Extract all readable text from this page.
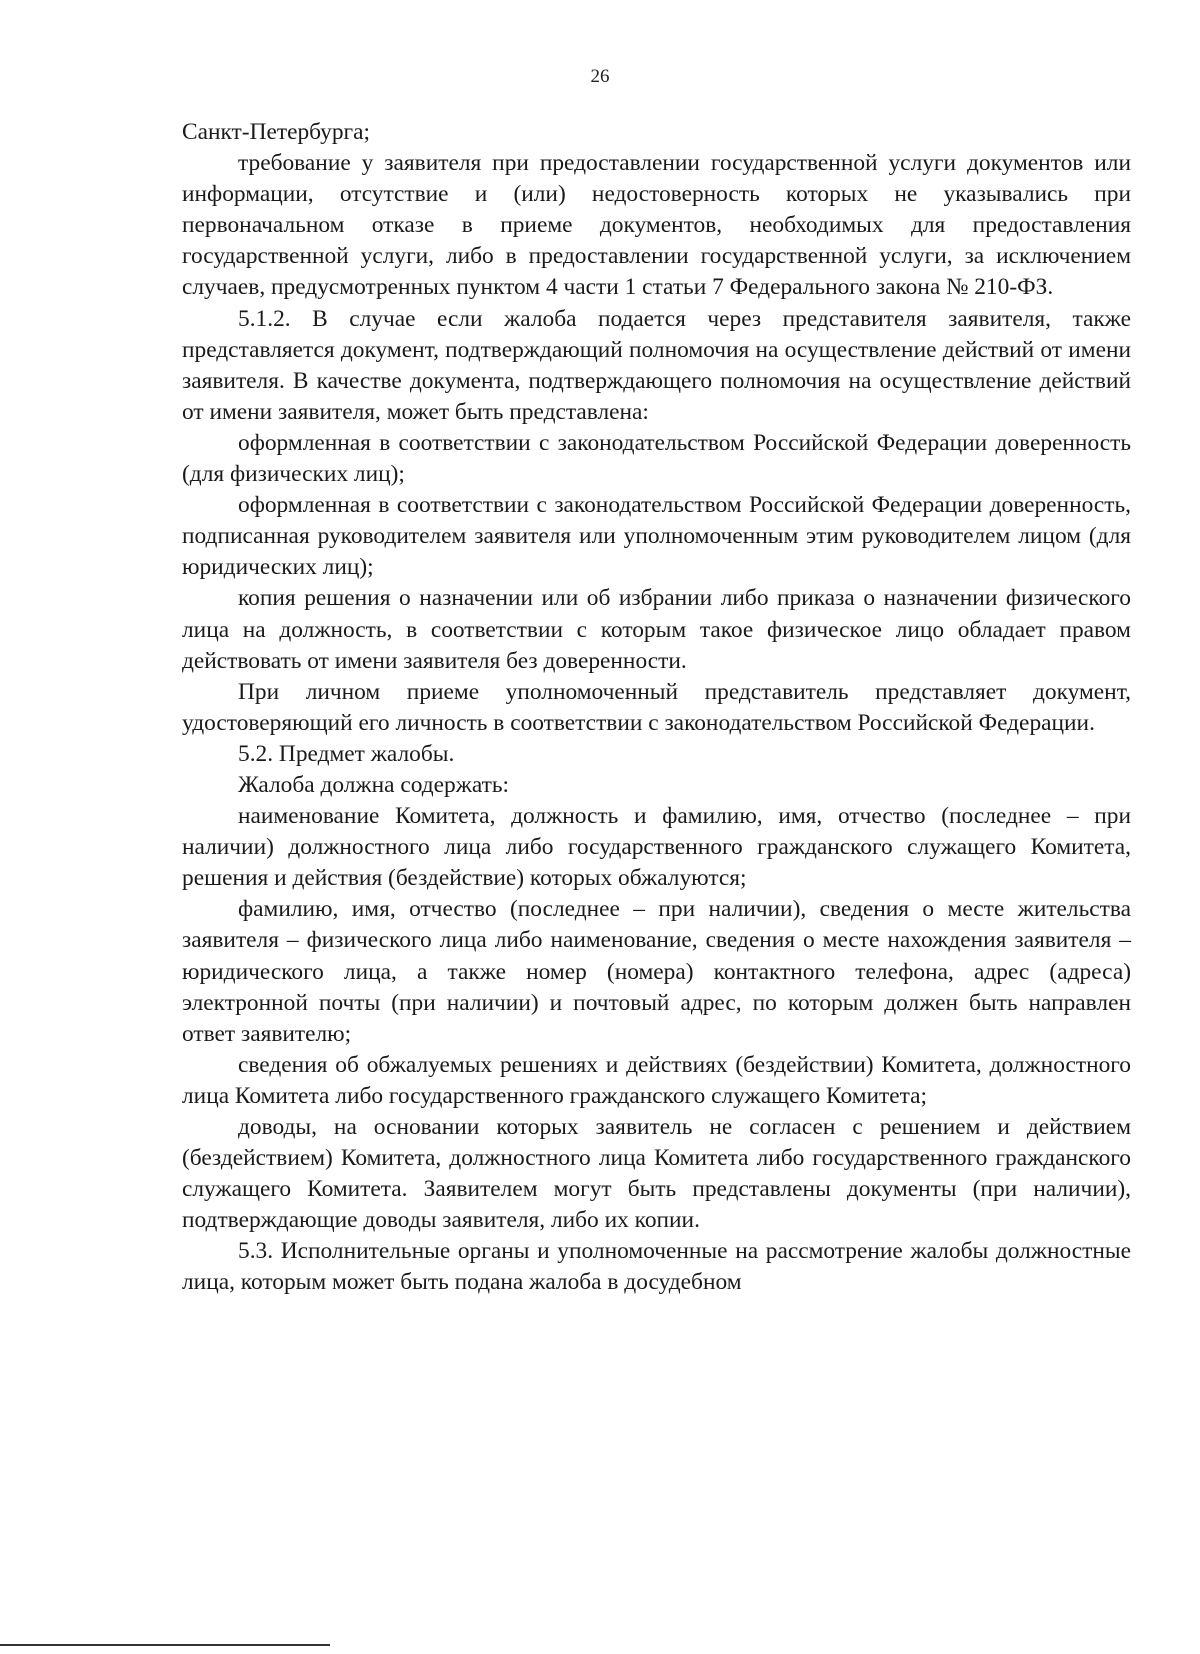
26

Санкт-Петербурга;

требование у заявителя при предоставлении государственной услуги документов или информации, отсутствие и (или) недостоверность которых не указывались при первоначальном отказе в приеме документов, необходимых для предоставления государственной услуги, либо в предоставлении государственной услуги, за исключением случаев, предусмотренных пунктом 4 части 1 статьи 7 Федерального закона № 210-ФЗ.

5.1.2. В случае если жалоба подается через представителя заявителя, также представляется документ, подтверждающий полномочия на осуществление действий от имени заявителя. В качестве документа, подтверждающего полномочия на осуществление действий от имени заявителя, может быть представлена:

оформленная в соответствии с законодательством Российской Федерации доверенность (для физических лиц);

оформленная в соответствии с законодательством Российской Федерации доверенность, подписанная руководителем заявителя или уполномоченным этим руководителем лицом (для юридических лиц);

копия решения о назначении или об избрании либо приказа о назначении физического лица на должность, в соответствии с которым такое физическое лицо обладает правом действовать от имени заявителя без доверенности.

При личном приеме уполномоченный представитель представляет документ, удостоверяющий его личность в соответствии с законодательством Российской Федерации.

5.2. Предмет жалобы.

Жалоба должна содержать:

наименование Комитета, должность и фамилию, имя, отчество (последнее – при наличии) должностного лица либо государственного гражданского служащего Комитета, решения и действия (бездействие) которых обжалуются;

фамилию, имя, отчество (последнее – при наличии), сведения о месте жительства заявителя – физического лица либо наименование, сведения о месте нахождения заявителя – юридического лица, а также номер (номера) контактного телефона, адрес (адреса) электронной почты (при наличии) и почтовый адрес, по которым должен быть направлен ответ заявителю;

сведения об обжалуемых решениях и действиях (бездействии) Комитета, должностного лица Комитета либо государственного гражданского служащего Комитета;

доводы, на основании которых заявитель не согласен с решением и действием (бездействием) Комитета, должностного лица Комитета либо государственного гражданского служащего Комитета. Заявителем могут быть представлены документы (при наличии), подтверждающие доводы заявителя, либо их копии.

5.3. Исполнительные органы и уполномоченные на рассмотрение жалобы должностные лица, которым может быть подана жалоба в досудебном
